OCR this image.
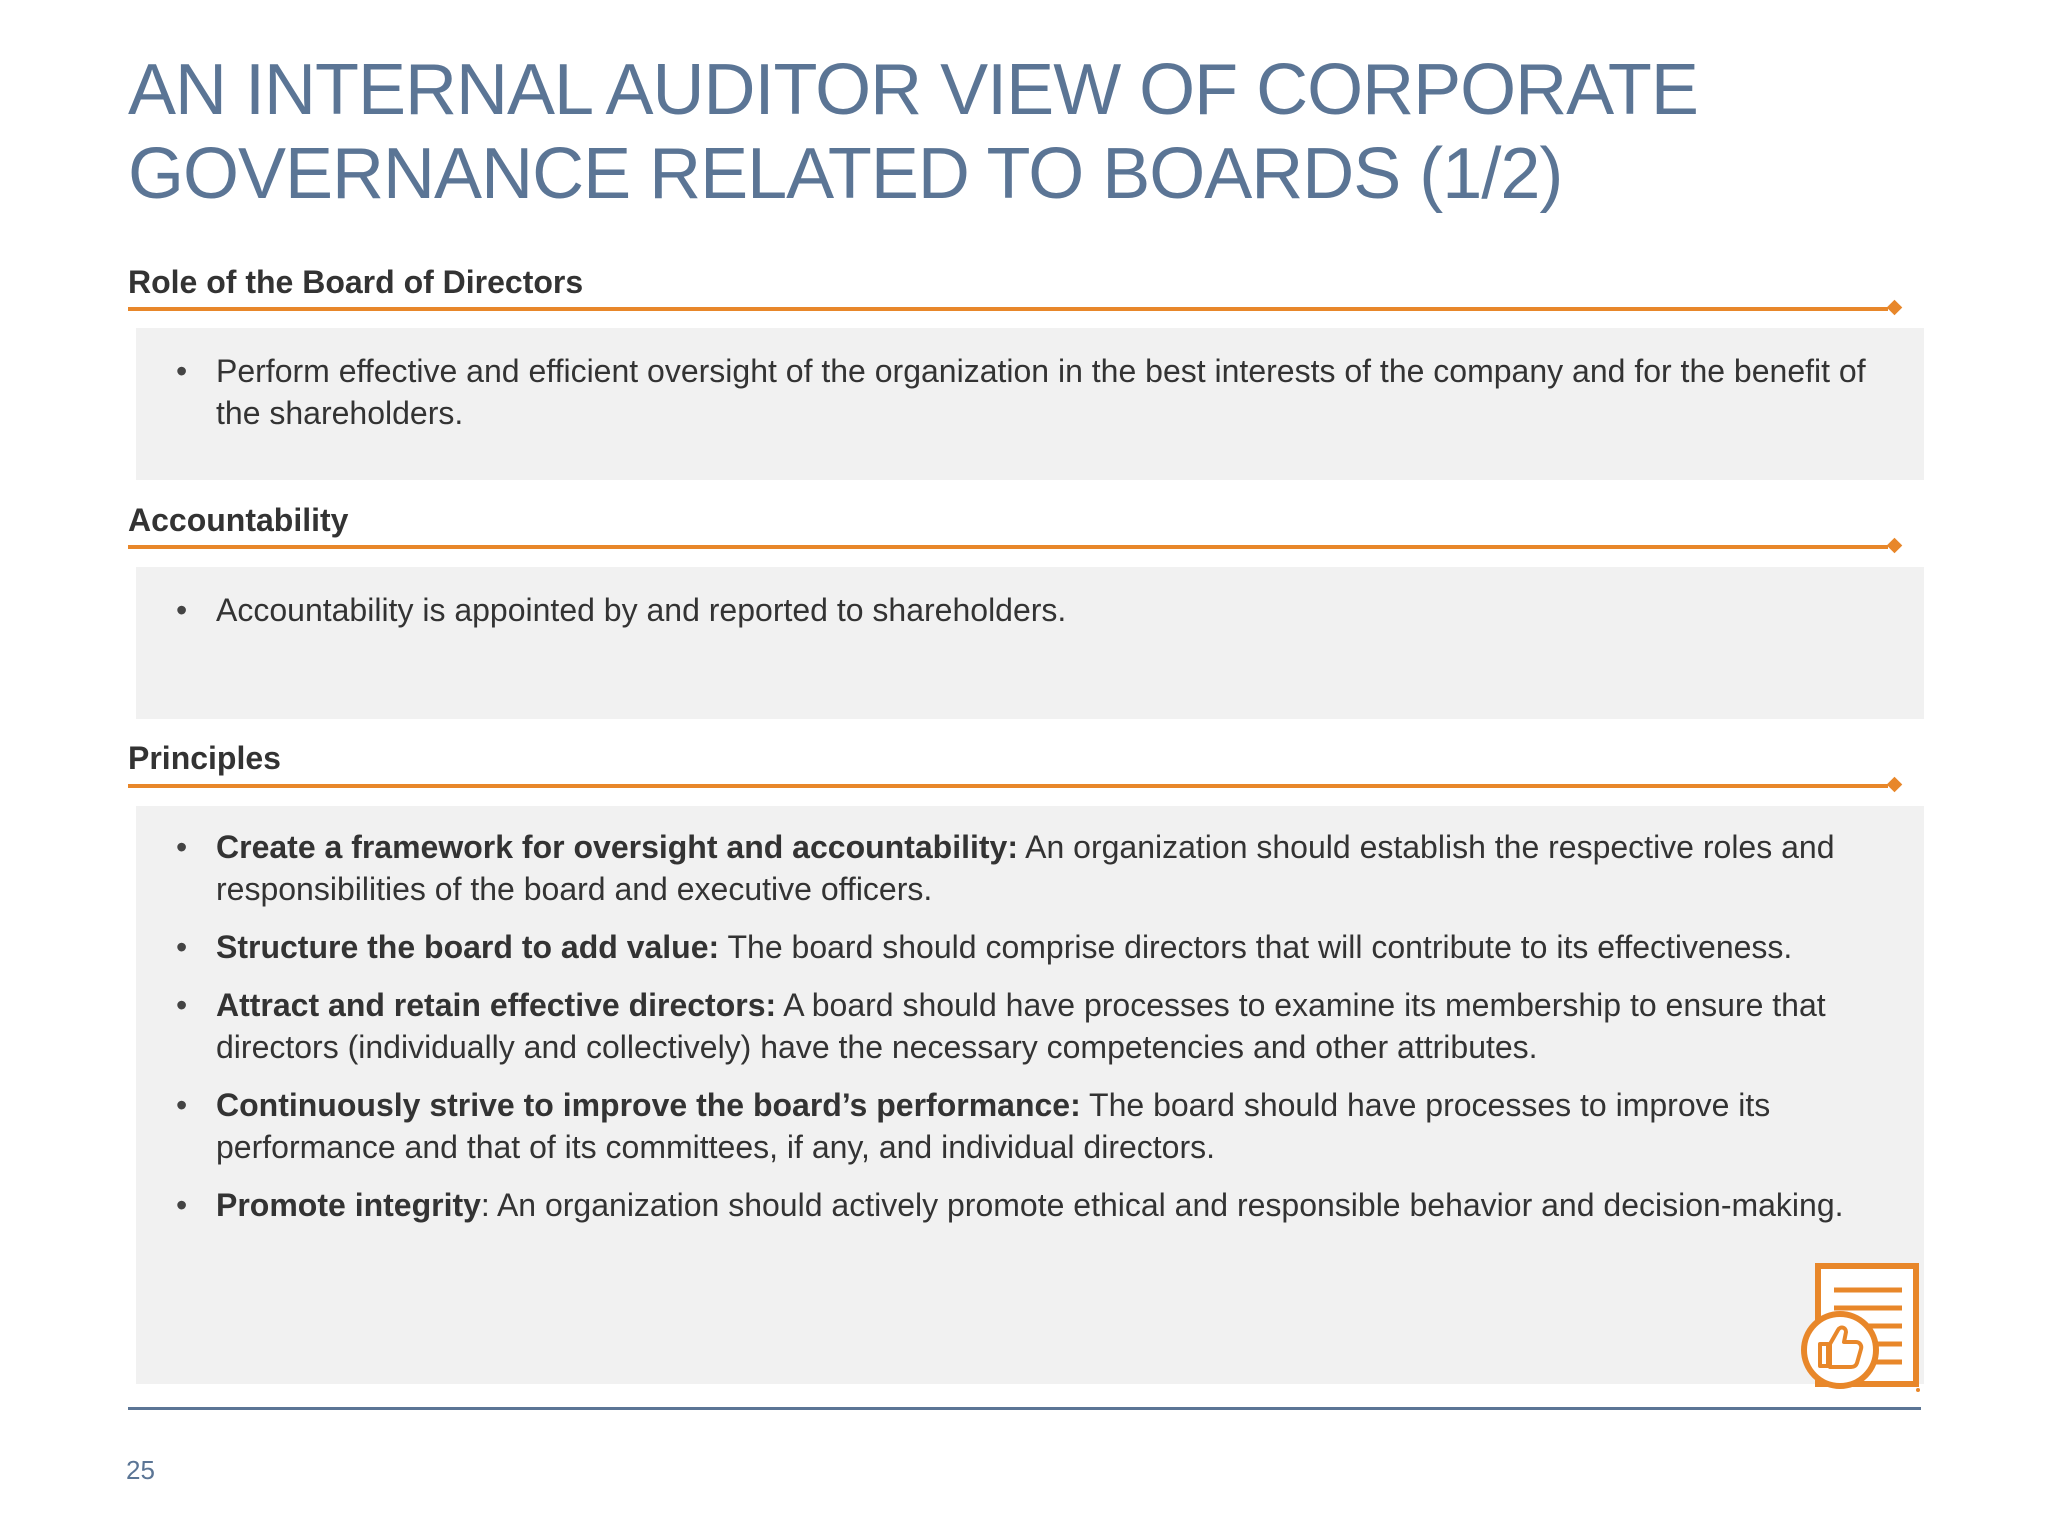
AN INTERNAL AUDITOR VIEW OF CORPORATE
GOVERNANCE RELATED TO BOARDS (1/2)
Role of the Board of Directors
• Perform effective and efficient oversight of the organization in the best interests of the company and for the benefit of the shareholders.
Accountability
• Accountability is appointed by and reported to shareholders.
Principles
• Create a framework for oversight and accountability: An organization should establish the respective roles and responsibilities of the board and executive officers.
• Structure the board to add value: The board should comprise directors that will contribute to its effectiveness.
• Attract and retain effective directors: A board should have processes to examine its membership to ensure that directors (individually and collectively) have the necessary competencies and other attributes.
• Continuously strive to improve the board’s performance: The board should have processes to improve its performance and that of its committees, if any, and individual directors.
• Promote integrity: An organization should actively promote ethical and responsible behavior and decision-making.
25
